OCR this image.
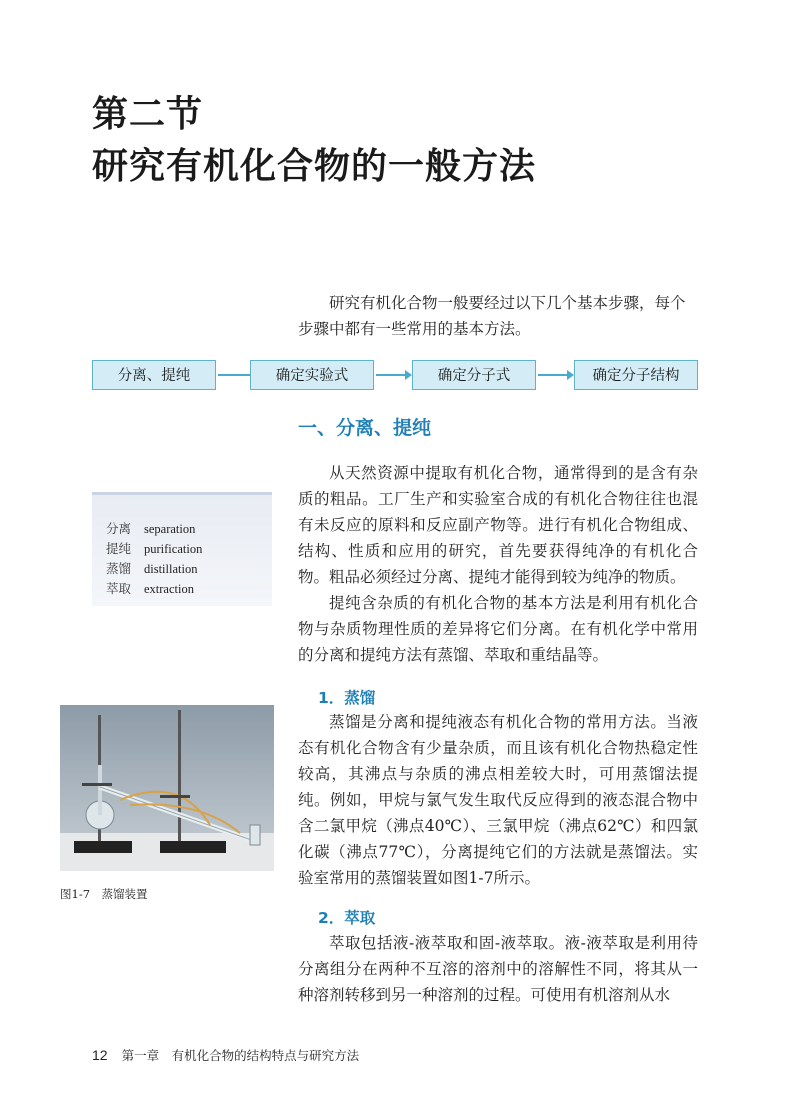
第二节
研究有机化合物的一般方法
研究有机化合物一般要经过以下几个基本步骤，每个步骤中都有一些常用的基本方法。
分离、提纯	确定实验式	确定分子式	确定分子结构
一、分离、提纯

从天然资源中提取有机化合物，通常得到的是含有杂质的粗品。工厂生产和实验室合成的有机化合物往往也混有未反应的原料和反应副产物等。进行有机化合物组成、结构、性质和应用的研究，首先要获得纯净的有机化合物。粗品必须经过分离、提纯才能得到较为纯净的物质。

提纯含杂质的有机化合物的基本方法是利用有机化合物与杂质物理性质的差异将它们分离。在有机化学中常用的分离和提纯方法有蒸馏、萃取和重结晶等。

分离 separation
提纯 purification
蒸馏 distillation
萃取 extraction
1．蒸馏

蒸馏是分离和提纯液态有机化合物的常用方法。当液态有机化合物含有少量杂质，而且该有机化合物热稳定性较高，其沸点与杂质的沸点相差较大时，可用蒸馏法提纯。例如，甲烷与氯气发生取代反应得到的液态混合物中含二氯甲烷（沸点40℃）、三氯甲烷（沸点62℃）和四氯化碳（沸点77℃），分离提纯它们的方法就是蒸馏法。实验室常用的蒸馏装置如图1-7所示。

图1-7　蒸馏装置
2．萃取

萃取包括液-液萃取和固-液萃取。液-液萃取是利用待分离组分在两种不互溶的溶剂中的溶解性不同，将其从一种溶剂转移到另一种溶剂的过程。可使用有机溶剂从水

12 第一章　有机化合物的结构特点与研究方法
